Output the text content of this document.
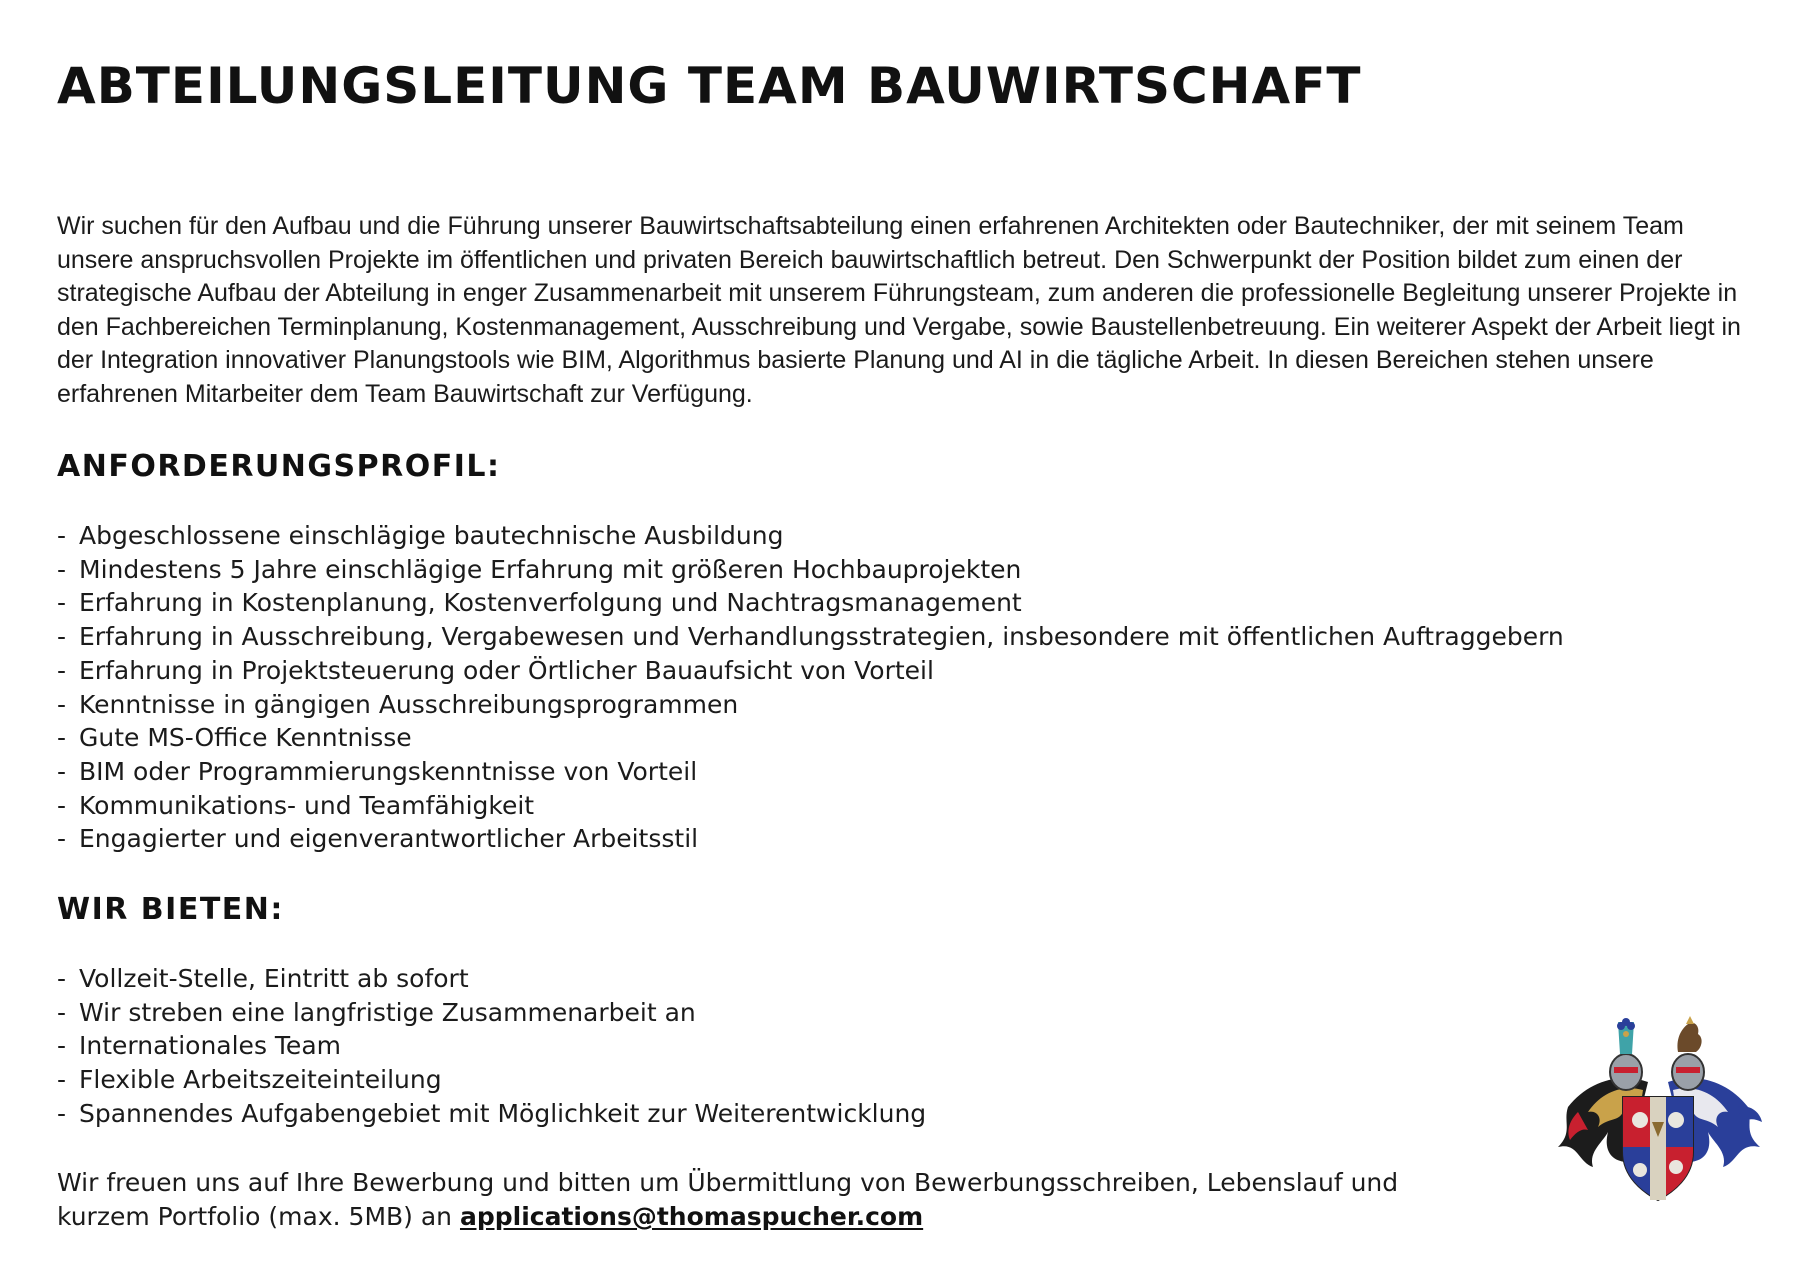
ABTEILUNGSLEITUNG TEAM BAUWIRTSCHAFT

Wir suchen für den Aufbau und die Führung unserer Bauwirtschaftsabteilung einen erfahrenen Architekten oder Bautechniker, der mit seinem Team unsere anspruchsvollen Projekte im öffentlichen und privaten Bereich bauwirtschaftlich betreut. Den Schwerpunkt der Position bildet zum einen der strategische Aufbau der Abteilung in enger Zusammenarbeit mit unserem Führungsteam, zum anderen die professionelle Begleitung unserer Projekte in den Fachbereichen Terminplanung, Kostenmanagement, Ausschreibung und Vergabe, sowie Baustellenbetreuung. Ein weiterer Aspekt der Arbeit liegt in der Integration innovativer Planungstools wie BIM, Algorithmus basierte Planung und AI in die tägliche Arbeit. In diesen Bereichen stehen unsere erfahrenen Mitarbeiter dem Team Bauwirtschaft zur Verfügung.

ANFORDERUNGSPROFIL:
- Abgeschlossene einschlägige bautechnische Ausbildung
- Mindestens 5 Jahre einschlägige Erfahrung mit größeren Hochbauprojekten
- Erfahrung in Kostenplanung, Kostenverfolgung und Nachtragsmanagement
- Erfahrung in Ausschreibung, Vergabewesen und Verhandlungsstrategien, insbesondere mit öffentlichen Auftraggebern
- Erfahrung in Projektsteuerung oder Örtlicher Bauaufsicht von Vorteil
- Kenntnisse in gängigen Ausschreibungsprogrammen
- Gute MS-Office Kenntnisse
- BIM oder Programmierungskenntnisse von Vorteil
- Kommunikations- und Teamfähigkeit
- Engagierter und eigenverantwortlicher Arbeitsstil
WIR BIETEN:
- Vollzeit-Stelle, Eintritt ab sofort
- Wir streben eine langfristige Zusammenarbeit an
- Internationales Team
- Flexible Arbeitszeiteinteilung
- Spannendes Aufgabengebiet mit Möglichkeit zur Weiterentwicklung

Wir freuen uns auf Ihre Bewerbung und bitten um Übermittlung von Bewerbungsschreiben, Lebenslauf und kurzem Portfolio (max. 5MB) an applications@thomaspucher.com
